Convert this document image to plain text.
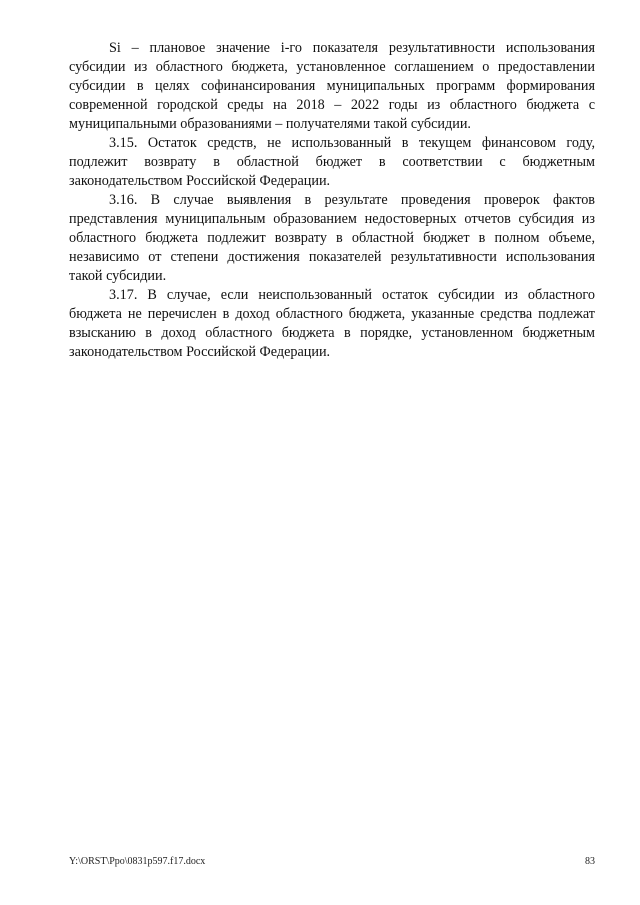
Si – плановое значение i-го показателя результативности использования субсидии из областного бюджета, установленное соглашением о предоставлении субсидии в целях софинансирования муниципальных программ формирования современной городской среды на 2018 – 2022 годы из областного бюджета с муниципальными образованиями – получателями такой субсидии.

3.15. Остаток средств, не использованный в текущем финансовом году, подлежит возврату в областной бюджет в соответствии с бюджетным законодательством Российской Федерации.

3.16. В случае выявления в результате проведения проверок фактов представления муниципальным образованием недостоверных отчетов субсидия из областного бюджета подлежит возврату в областной бюджет в полном объеме, независимо от степени достижения показателей результативности использования такой субсидии.

3.17. В случае, если неиспользованный остаток субсидии из областного бюджета не перечислен в доход областного бюджета, указанные средства подлежат взысканию в доход областного бюджета в порядке, установленном бюджетным законодательством Российской Федерации.

Y:\ORST\Ppo\0831p597.f17.docx	83
